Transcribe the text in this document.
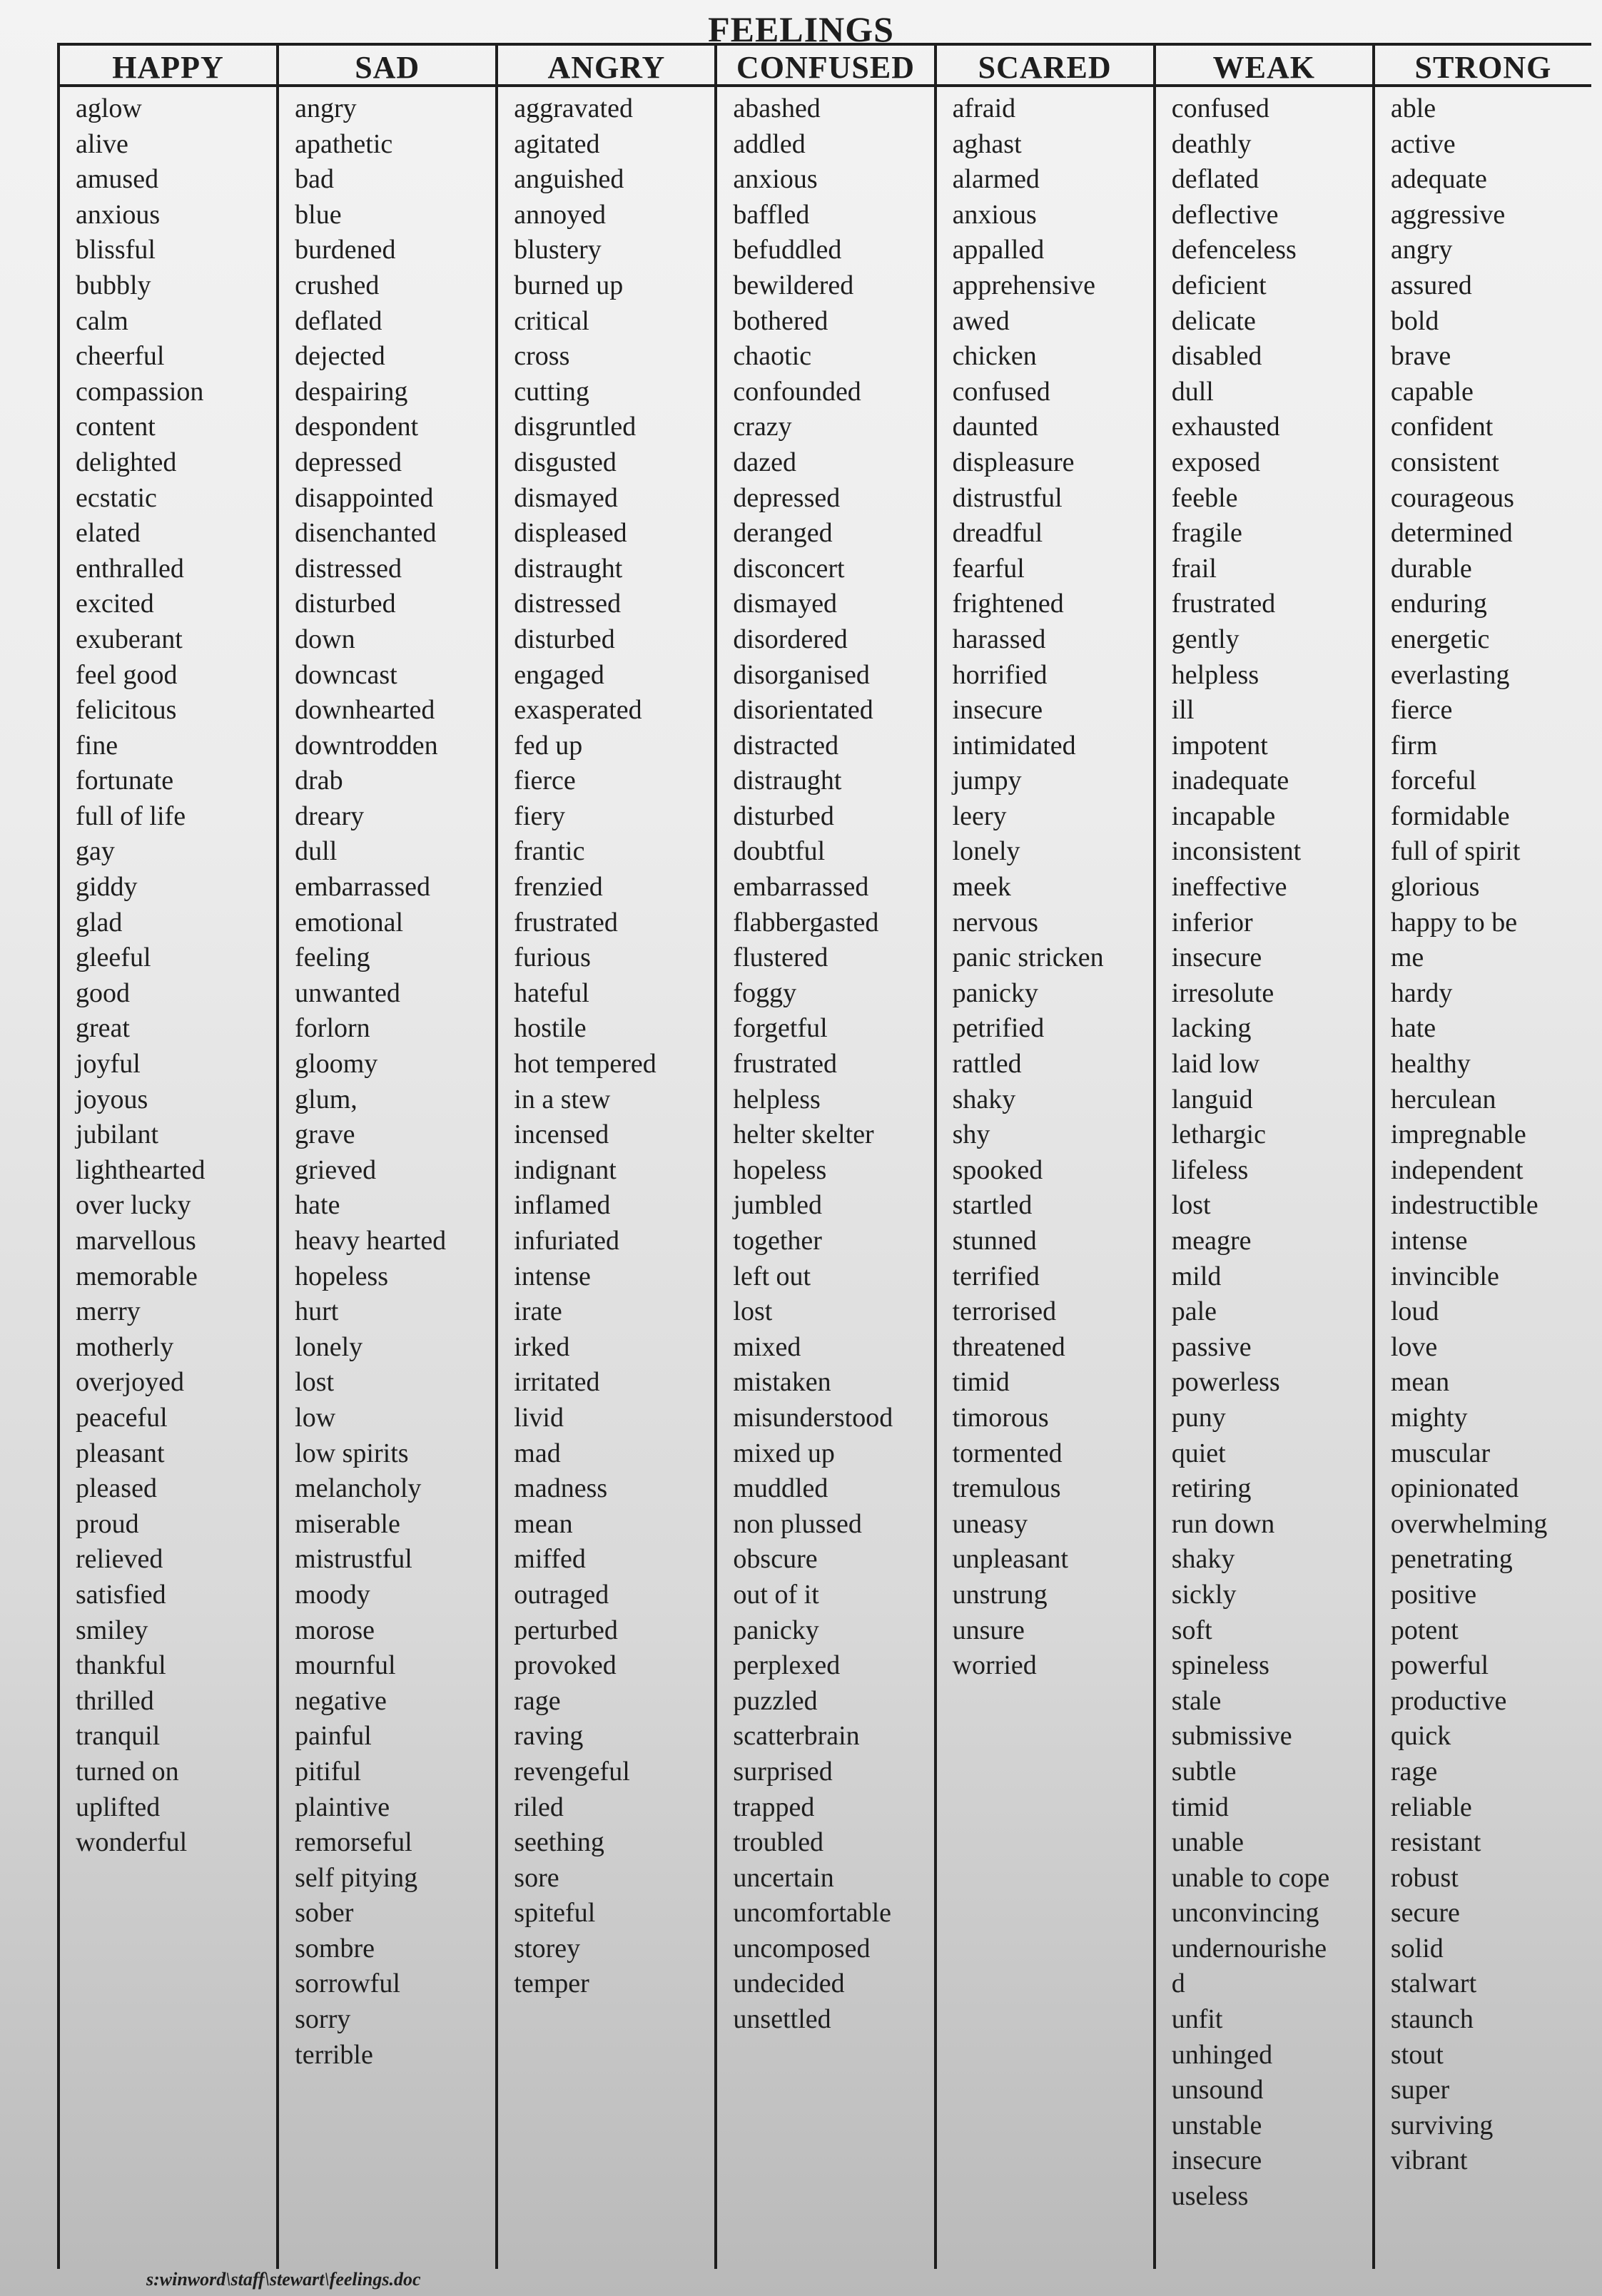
FEELINGS
HAPPY
aglow
alive
amused
anxious
blissful
bubbly
calm
cheerful
compassion
content
delighted
ecstatic
elated
enthralled
excited
exuberant
feel good
felicitous
fine
fortunate
full of life
gay
giddy
glad
gleeful
good
great
joyful
joyous
jubilant
lighthearted
over lucky
marvellous
memorable
merry
motherly
overjoyed
peaceful
pleasant
pleased
proud
relieved
satisfied
smiley
thankful
thrilled
tranquil
turned on
uplifted
wonderful
SAD
angry
apathetic
bad
blue
burdened
crushed
deflated
dejected
despairing
despondent
depressed
disappointed
disenchanted
distressed
disturbed
down
downcast
downhearted
downtrodden
drab
dreary
dull
embarrassed
emotional
feeling
unwanted
forlorn
gloomy
glum,
grave
grieved
hate
heavy hearted
hopeless
hurt
lonely
lost
low
low spirits
melancholy
miserable
mistrustful
moody
morose
mournful
negative
painful
pitiful
plaintive
remorseful
self pitying
sober
sombre
sorrowful
sorry
terrible
ANGRY
aggravated
agitated
anguished
annoyed
blustery
burned up
critical
cross
cutting
disgruntled
disgusted
dismayed
displeased
distraught
distressed
disturbed
engaged
exasperated
fed up
fierce
fiery
frantic
frenzied
frustrated
furious
hateful
hostile
hot tempered
in a stew
incensed
indignant
inflamed
infuriated
intense
irate
irked
irritated
livid
mad
madness
mean
miffed
outraged
perturbed
provoked
rage
raving
revengeful
riled
seething
sore
spiteful
storey
temper
CONFUSED
abashed
addled
anxious
baffled
befuddled
bewildered
bothered
chaotic
confounded
crazy
dazed
depressed
deranged
disconcert
dismayed
disordered
disorganised
disorientated
distracted
distraught
disturbed
doubtful
embarrassed
flabbergasted
flustered
foggy
forgetful
frustrated
helpless
helter skelter
hopeless
jumbled
together
left out
lost
mixed
mistaken
misunderstood
mixed up
muddled
non plussed
obscure
out of it
panicky
perplexed
puzzled
scatterbrain
surprised
trapped
troubled
uncertain
uncomfortable
uncomposed
undecided
unsettled
SCARED
afraid
aghast
alarmed
anxious
appalled
apprehensive
awed
chicken
confused
daunted
displeasure
distrustful
dreadful
fearful
frightened
harassed
horrified
insecure
intimidated
jumpy
leery
lonely
meek
nervous
panic stricken
panicky
petrified
rattled
shaky
shy
spooked
startled
stunned
terrified
terrorised
threatened
timid
timorous
tormented
tremulous
uneasy
unpleasant
unstrung
unsure
worried
WEAK
confused
deathly
deflated
deflective
defenceless
deficient
delicate
disabled
dull
exhausted
exposed
feeble
fragile
frail
frustrated
gently
helpless
ill
impotent
inadequate
incapable
inconsistent
ineffective
inferior
insecure
irresolute
lacking
laid low
languid
lethargic
lifeless
lost
meagre
mild
pale
passive
powerless
puny
quiet
retiring
run down
shaky
sickly
soft
spineless
stale
submissive
subtle
timid
unable
unable to cope
unconvincing
undernourishe
d
unfit
unhinged
unsound
unstable
insecure
useless
STRONG
able
active
adequate
aggressive
angry
assured
bold
brave
capable
confident
consistent
courageous
determined
durable
enduring
energetic
everlasting
fierce
firm
forceful
formidable
full of spirit
glorious
happy to be
me
hardy
hate
healthy
herculean
impregnable
independent
indestructible
intense
invincible
loud
love
mean
mighty
muscular
opinionated
overwhelming
penetrating
positive
potent
powerful
productive
quick
rage
reliable
resistant
robust
secure
solid
stalwart
staunch
stout
super
surviving
vibrant
s:winword\staff\stewart\feelings.doc
